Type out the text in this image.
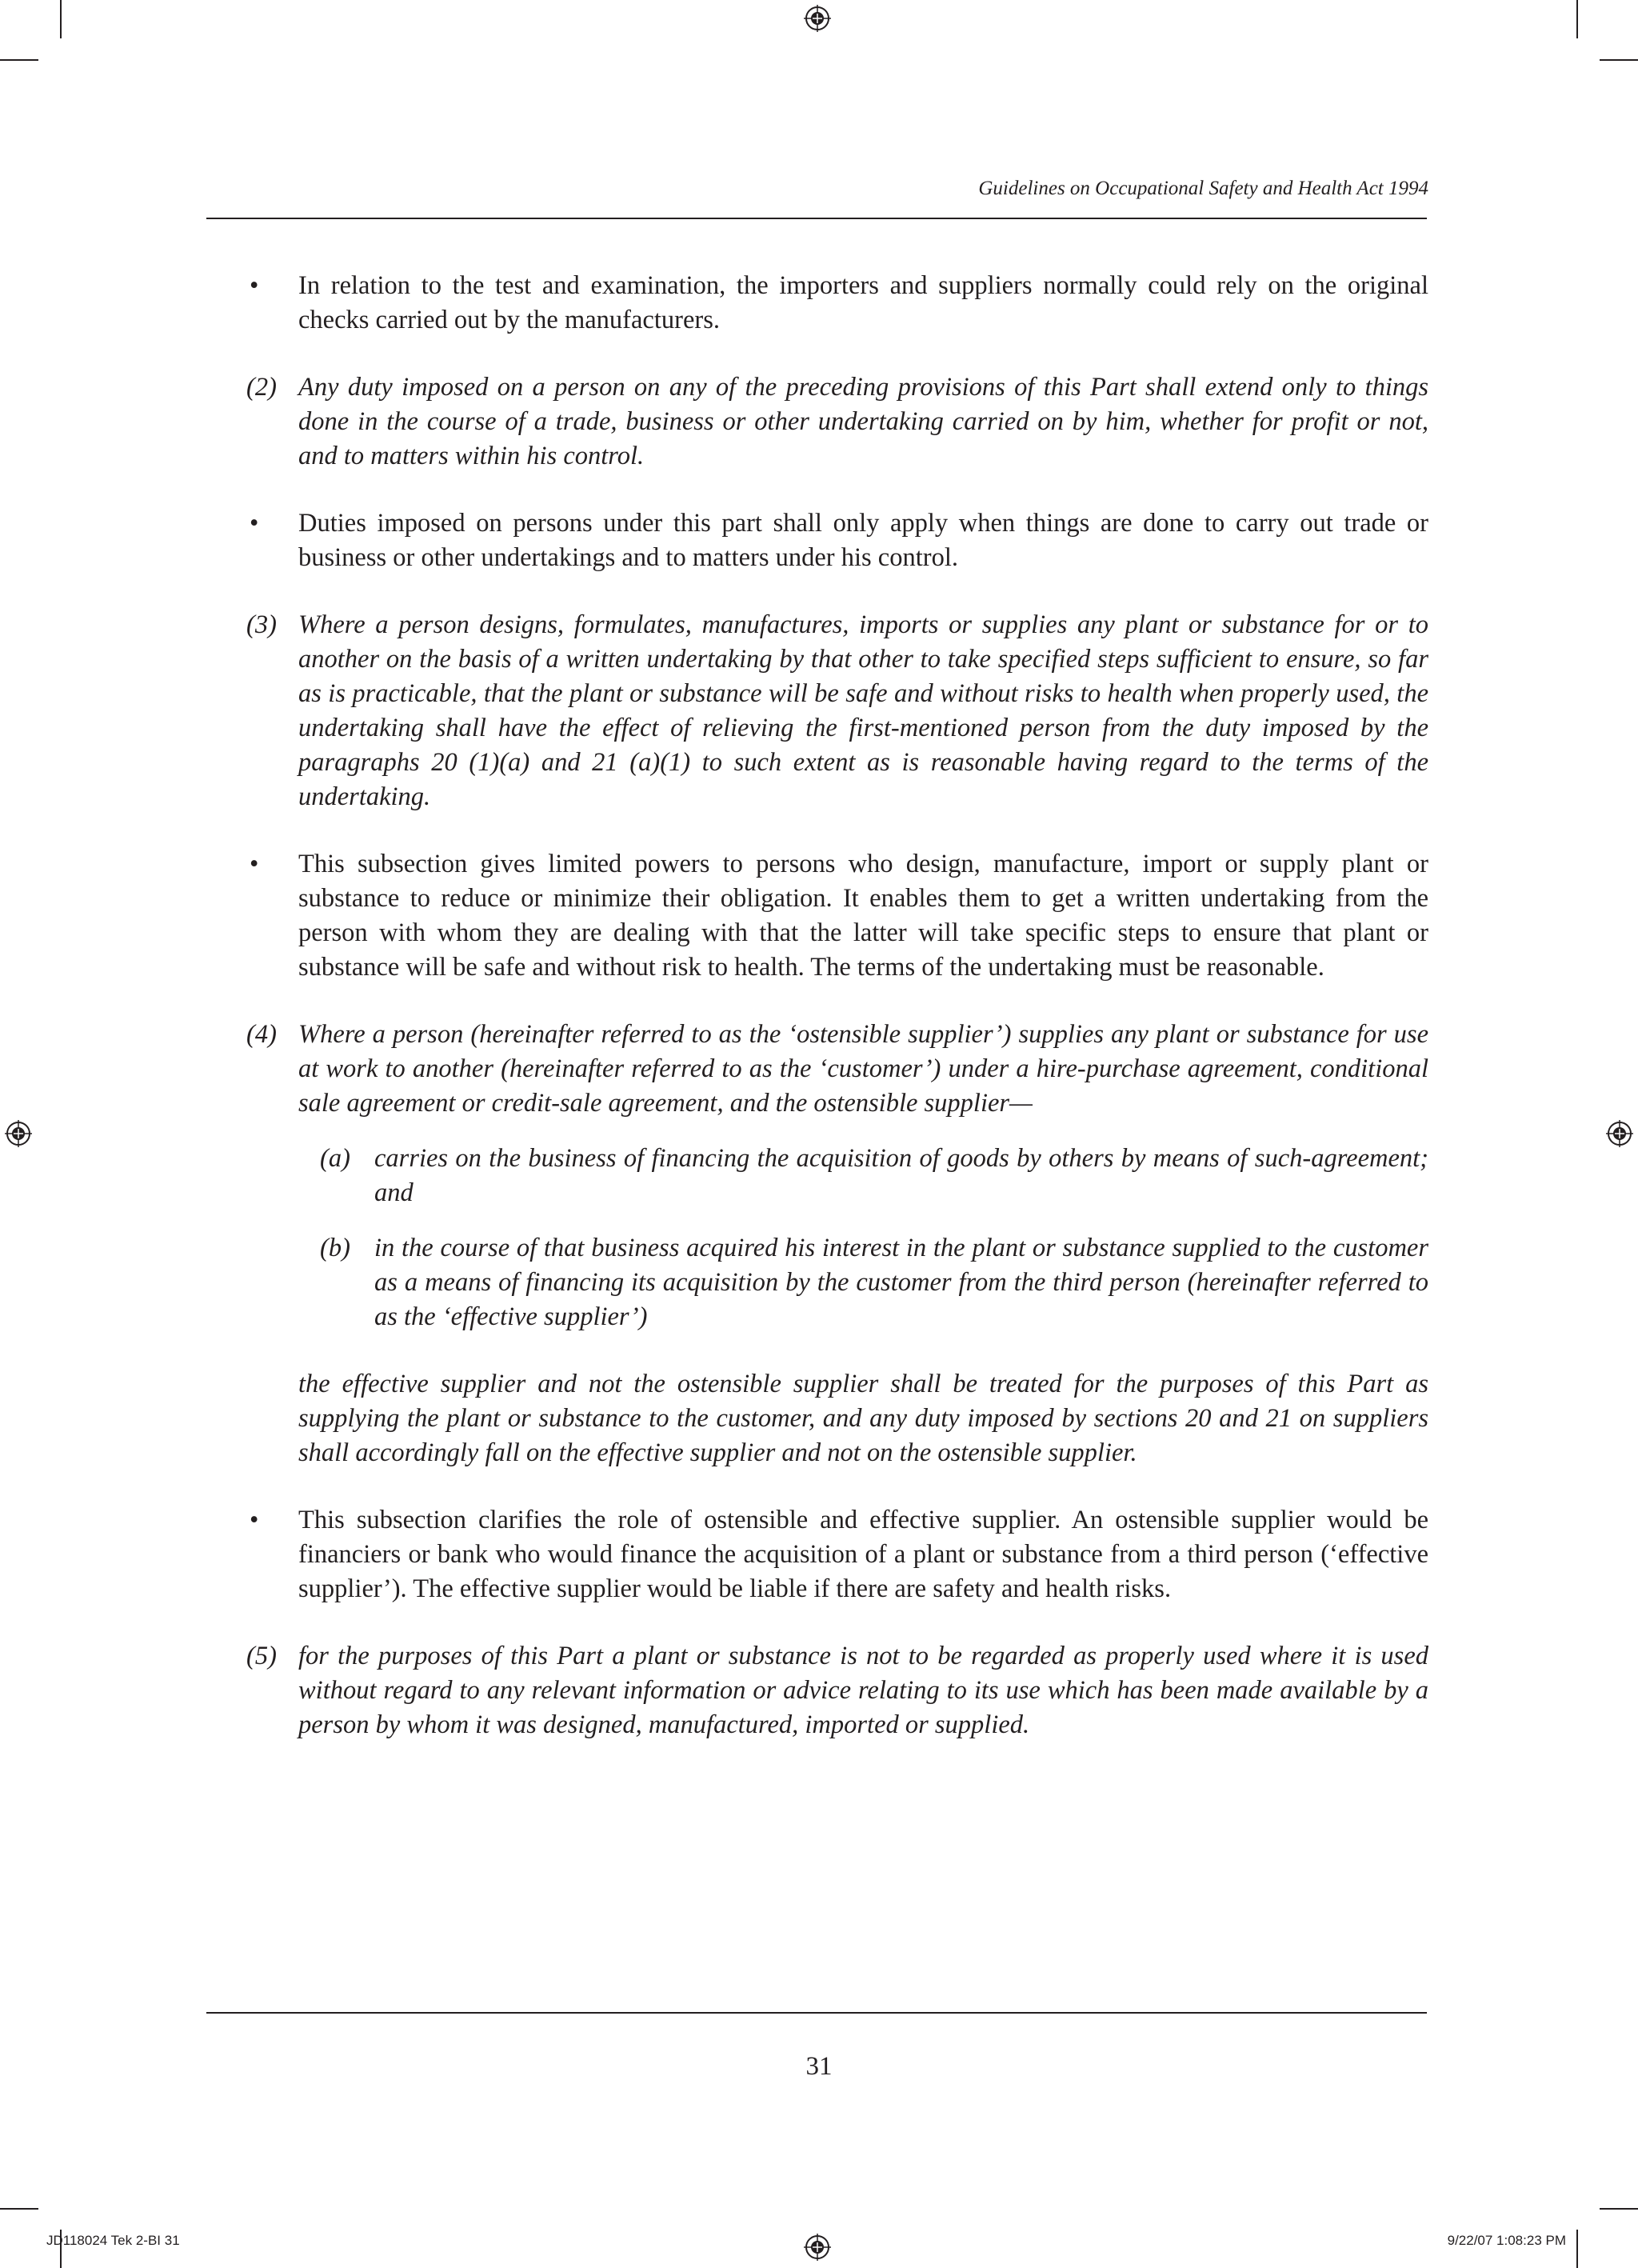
Guidelines on Occupational Safety and Health Act 1994
•	In relation to the test and examination, the importers and suppliers normally could rely on the original checks carried out by the manufacturers.
(2) Any duty imposed on a person on any of the preceding provisions of this Part shall extend only to things done in the course of a trade, business or other undertaking carried on by him, whether for profit or not, and to matters within his control.
•	Duties imposed on persons under this part shall only apply when things are done to carry out trade or business or other undertakings and to matters under his control.
(3) Where a person designs, formulates, manufactures, imports or supplies any plant or substance for or to another on the basis of a written undertaking by that other to take specified steps sufficient to ensure, so far as is practicable, that the plant or substance will be safe and without risks to health when properly used, the undertaking shall have the effect of relieving the first-mentioned person from the duty imposed by the paragraphs 20 (1)(a) and 21 (a)(1) to such extent as is reasonable having regard to the terms of the undertaking.
•	This subsection gives limited powers to persons who design, manufacture, import or supply plant or substance to reduce or minimize their obligation. It enables them to get a written undertaking from the person with whom they are dealing with that the latter will take specific steps to ensure that plant or substance will be safe and without risk to health. The terms of the undertaking must be reasonable.
(4) Where a person (hereinafter referred to as the ‘ostensible supplier’) supplies any plant or substance for use at work to another (hereinafter referred to as the ‘customer’) under a hire-purchase agreement, conditional sale agreement or credit-sale agreement, and the ostensible supplier—
(a) carries on the business of financing the acquisition of goods by others by means of such-agreement; and
(b) in the course of that business acquired his interest in the plant or substance supplied to the customer as a means of financing its acquisition by the customer from the third person (hereinafter referred to as the ‘effective supplier’)
the effective supplier and not the ostensible supplier shall be treated for the purposes of this Part as supplying the plant or substance to the customer, and any duty imposed by sections 20 and 21 on suppliers shall accordingly fall on the effective supplier and not on the ostensible supplier.
•	This subsection clarifies the role of ostensible and effective supplier. An ostensible supplier would be financiers or bank who would finance the acquisition of a plant or substance from a third person (‘effective supplier’). The effective supplier would be liable if there are safety and health risks.
(5) for the purposes of this Part a plant or substance is not to be regarded as properly used where it is used without regard to any relevant information or advice relating to its use which has been made available by a person by whom it was designed, manufactured, imported or supplied.
31
JD118024 Tek 2-BI 31	9/22/07 1:08:23 PM
